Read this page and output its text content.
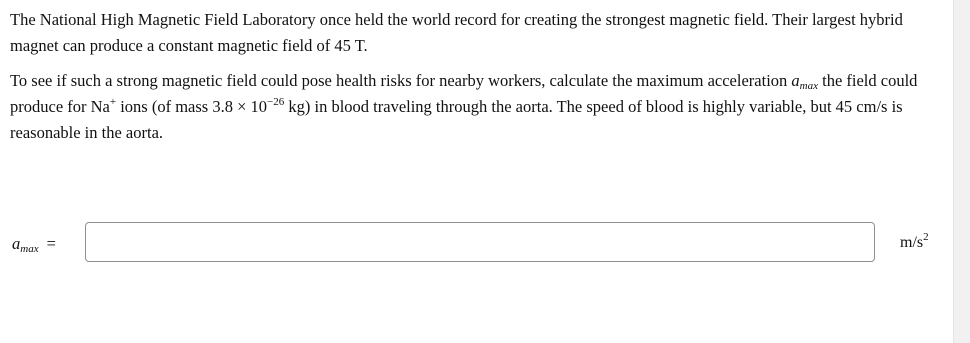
The National High Magnetic Field Laboratory once held the world record for creating the strongest magnetic field. Their largest hybrid magnet can produce a constant magnetic field of 45 T.

To see if such a strong magnetic field could pose health risks for nearby workers, calculate the maximum acceleration $a_{max}$ the field could produce for Na+ ions (of mass $3.8 \times 10^{-26}$ kg) in blood traveling through the aorta. The speed of blood is highly variable, but 45 cm/s is reasonable in the aorta.

$a_{max}$ =	$m/s^2$
